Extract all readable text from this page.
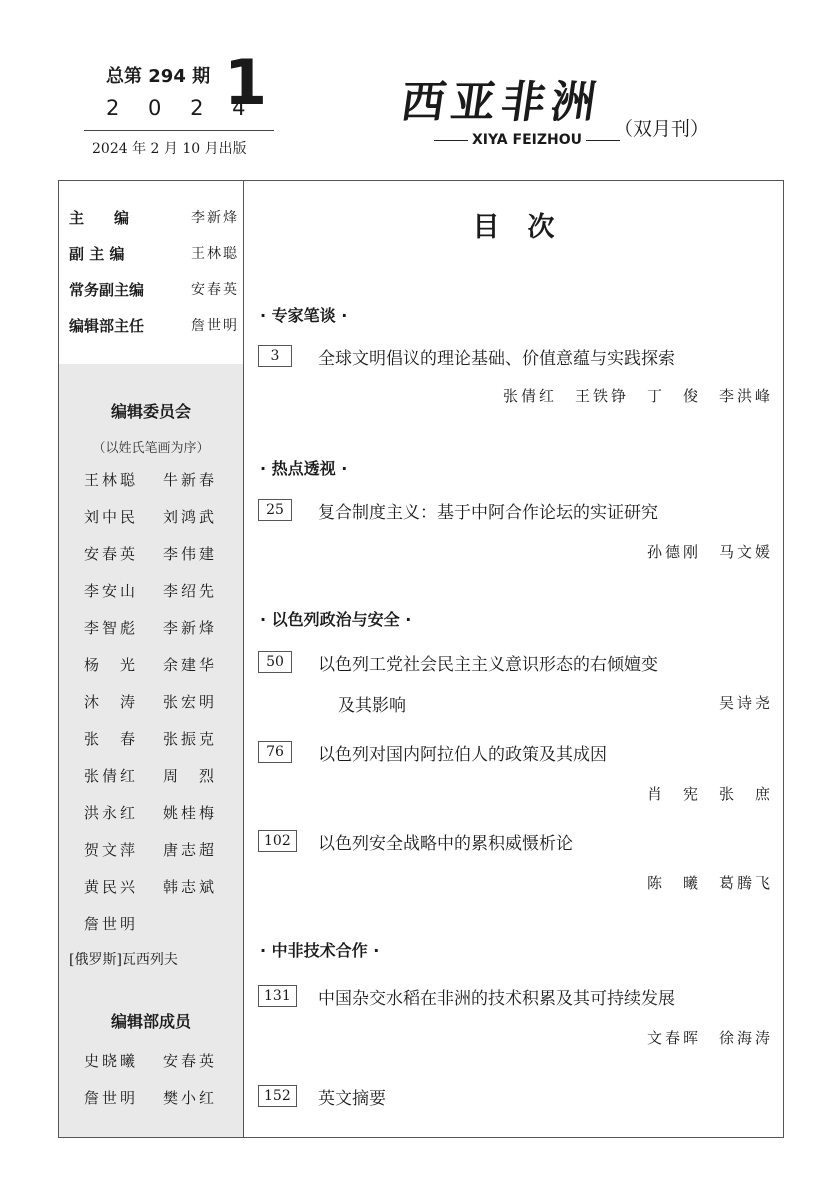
总第 294 期
2 0 2 4
1
2024 年 2 月 10 月出版
西亚非洲
XIYA FEIZHOU	（双月刊）
主　　编	李新烽
副 主 编	王林聪
常务副主编	安春英
编辑部主任	詹世明
编辑委员会
（以姓氏笔画为序）
王林聪 牛新春
刘中民 刘鸿武
安春英 李伟建
李安山 李绍先
李智彪 李新烽
杨　光 余建华
沐　涛 张宏明
张　春 张振克
张倩红 周　烈
洪永红 姚桂梅
贺文萍 唐志超
黄民兴 韩志斌
詹世明
[俄罗斯]瓦西列夫
编辑部成员
史晓曦 安春英
詹世明 樊小红
目次
· 专家笔谈 ·
3	全球文明倡议的理论基础、价值意蕴与实践探索
张倩红　王铁铮　丁　俊　李洪峰
· 热点透视 ·
25	复合制度主义：基于中阿合作论坛的实证研究
孙德刚　马文媛
· 以色列政治与安全 ·
50	以色列工党社会民主主义意识形态的右倾嬗变
及其影响	吴诗尧
76	以色列对国内阿拉伯人的政策及其成因
肖　宪　张　庶
102	以色列安全战略中的累积威慑析论
陈　曦　葛腾飞
· 中非技术合作 ·
131	中国杂交水稻在非洲的技术积累及其可持续发展
文春晖　徐海涛
152	英文摘要
